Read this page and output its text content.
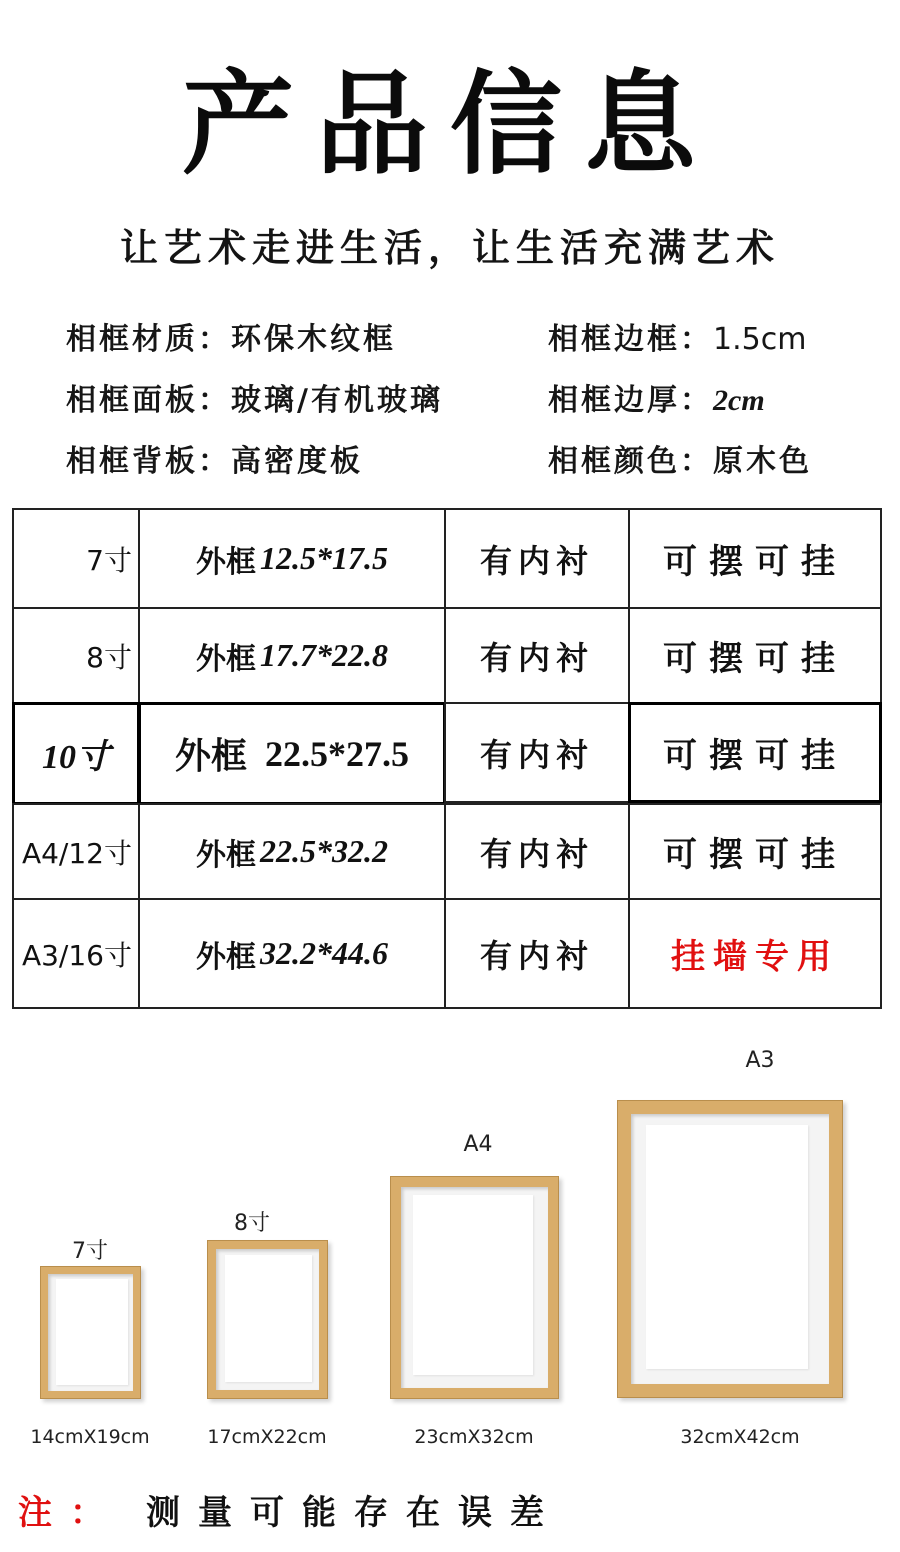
产品信息
让艺术走进生活，让生活充满艺术
相框材质：环保木纹框	相框边框：1.5cm
相框面板：玻璃/有机玻璃	相框边厚：2cm
相框背板：高密度板	相框颜色：原木色
7寸 外框 12.5*17.5	有内衬	可摆可挂
8寸 外框 17.7*22.8	有内衬	可摆可挂
10寸	外框 22.5*27.5	有内衬	可摆可挂
A4/12寸 外框 22.5*32.2	有内衬	可摆可挂
A3/16寸 外框 32.2*44.6	有内衬	挂墙专用
7寸
14cmX19cm
8寸
17cmX22cm
A4
23cmX32cm
A3
32cmX42cm
注： 测量可能存在误差
